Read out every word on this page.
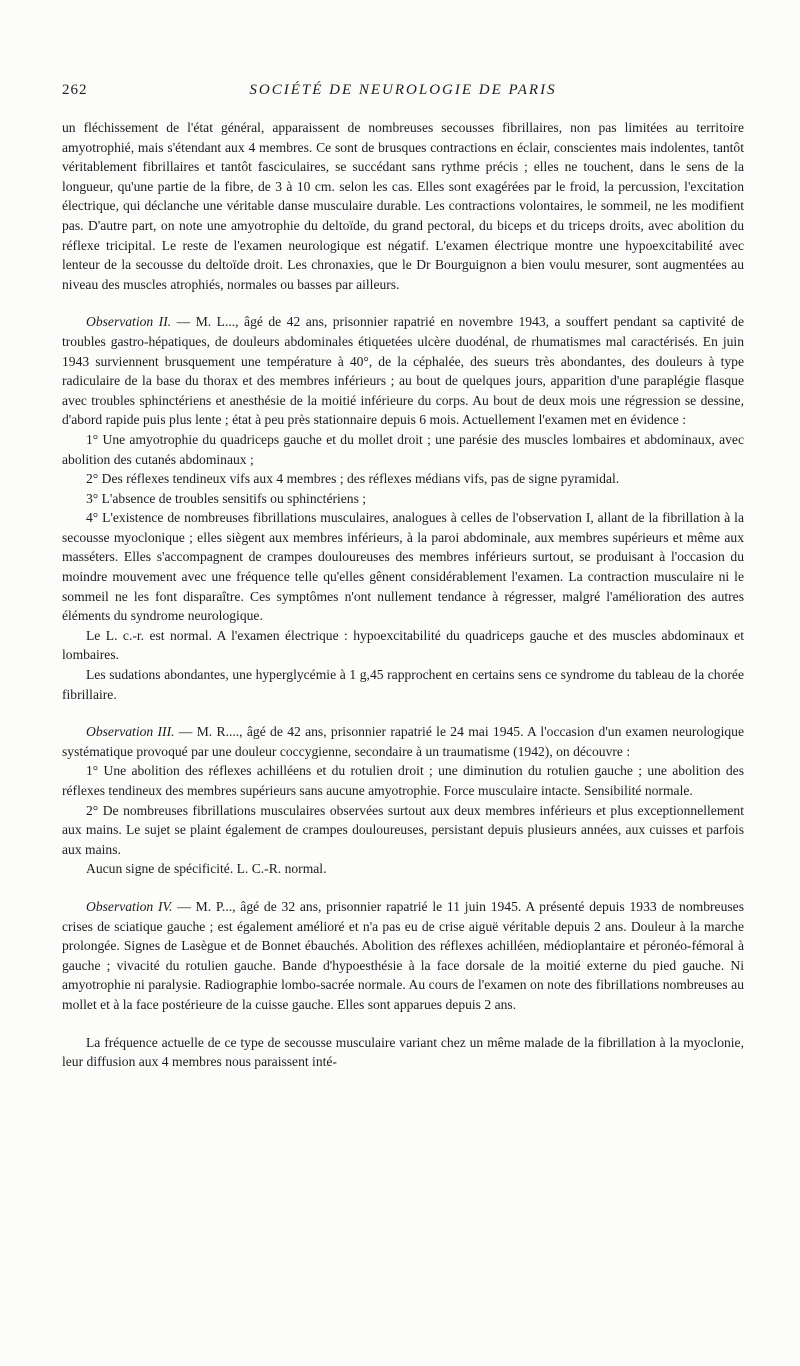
262	SOCIÉTÉ DE NEUROLOGIE DE PARIS

un fléchissement de l'état général, apparaissent de nombreuses secousses fibrillaires, non pas limitées au territoire amyotrophié, mais s'étendant aux 4 membres. Ce sont de brusques contractions en éclair, conscientes mais indolentes, tantôt véritablement fibrillaires et tantôt fasciculaires, se succédant sans rythme précis ; elles ne touchent, dans le sens de la longueur, qu'une partie de la fibre, de 3 à 10 cm. selon les cas. Elles sont exagérées par le froid, la percussion, l'excitation électrique, qui déclanche une véritable danse musculaire durable. Les contractions volontaires, le sommeil, ne les modifient pas. D'autre part, on note une amyotrophie du deltoïde, du grand pectoral, du biceps et du triceps droits, avec abolition du réflexe tricipital. Le reste de l'examen neurologique est négatif. L'examen électrique montre une hypoexcitabilité avec lenteur de la secousse du deltoïde droit. Les chronaxies, que le Dr Bourguignon a bien voulu mesurer, sont augmentées au niveau des muscles atrophiés, normales ou basses par ailleurs.

Observation II. — M. L..., âgé de 42 ans, prisonnier rapatrié en novembre 1943, a souffert pendant sa captivité de troubles gastro-hépatiques, de douleurs abdominales étiquetées ulcère duodénal, de rhumatismes mal caractérisés. En juin 1943 surviennent brusquement une température à 40°, de la céphalée, des sueurs très abondantes, des douleurs à type radiculaire de la base du thorax et des membres inférieurs ; au bout de quelques jours, apparition d'une paraplégie flasque avec troubles sphinctériens et anesthésie de la moitié inférieure du corps. Au bout de deux mois une régression se dessine, d'abord rapide puis plus lente ; état à peu près stationnaire depuis 6 mois. Actuellement l'examen met en évidence :

1° Une amyotrophie du quadriceps gauche et du mollet droit ; une parésie des muscles lombaires et abdominaux, avec abolition des cutanés abdominaux ;

2° Des réflexes tendineux vifs aux 4 membres ; des réflexes médians vifs, pas de signe pyramidal.

3° L'absence de troubles sensitifs ou sphinctériens ;

4° L'existence de nombreuses fibrillations musculaires, analogues à celles de l'observation I, allant de la fibrillation à la secousse myoclonique ; elles siègent aux membres inférieurs, à la paroi abdominale, aux membres supérieurs et même aux masséters. Elles s'accompagnent de crampes douloureuses des membres inférieurs surtout, se produisant à l'occasion du moindre mouvement avec une fréquence telle qu'elles gênent considérablement l'examen. La contraction musculaire ni le sommeil ne les font disparaître. Ces symptômes n'ont nullement tendance à régresser, malgré l'amélioration des autres éléments du syndrome neurologique.

Le L. c.-r. est normal. A l'examen électrique : hypoexcitabilité du quadriceps gauche et des muscles abdominaux et lombaires.

Les sudations abondantes, une hyperglycémie à 1 g,45 rapprochent en certains sens ce syndrome du tableau de la chorée fibrillaire.

Observation III. — M. R...., âgé de 42 ans, prisonnier rapatrié le 24 mai 1945. A l'occasion d'un examen neurologique systématique provoqué par une douleur coccygienne, secondaire à un traumatisme (1942), on découvre :

1° Une abolition des réflexes achilléens et du rotulien droit ; une diminution du rotulien gauche ; une abolition des réflexes tendineux des membres supérieurs sans aucune amyotrophie. Force musculaire intacte. Sensibilité normale.

2° De nombreuses fibrillations musculaires observées surtout aux deux membres inférieurs et plus exceptionnellement aux mains. Le sujet se plaint également de crampes douloureuses, persistant depuis plusieurs années, aux cuisses et parfois aux mains.

Aucun signe de spécificité. L. C.-R. normal.

Observation IV. — M. P..., âgé de 32 ans, prisonnier rapatrié le 11 juin 1945. A présenté depuis 1933 de nombreuses crises de sciatique gauche ; est également amélioré et n'a pas eu de crise aiguë véritable depuis 2 ans. Douleur à la marche prolongée. Signes de Lasègue et de Bonnet ébauchés. Abolition des réflexes achilléen, médioplantaire et péronéo-fémoral à gauche ; vivacité du rotulien gauche. Bande d'hypoesthésie à la face dorsale de la moitié externe du pied gauche. Ni amyotrophie ni paralysie. Radiographie lombo-sacrée normale. Au cours de l'examen on note des fibrillations nombreuses au mollet et à la face postérieure de la cuisse gauche. Elles sont apparues depuis 2 ans.

La fréquence actuelle de ce type de secousse musculaire variant chez un même malade de la fibrillation à la myoclonie, leur diffusion aux 4 membres nous paraissent inté-
